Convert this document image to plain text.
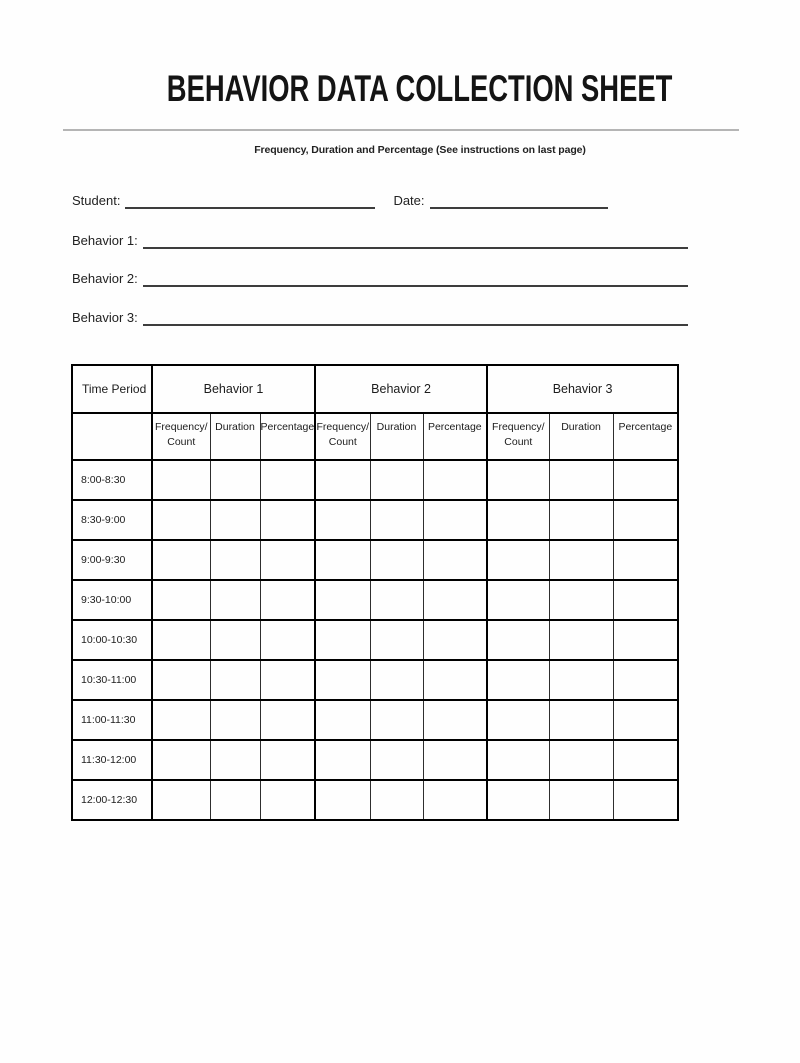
BEHAVIOR DATA COLLECTION SHEET
Frequency, Duration and Percentage (See instructions on last page)
Student:	Date:
Behavior 1:
Behavior 2:
Behavior 3:
Time Period	Behavior 1			Behavior 2			Behavior 3		
	Frequency/ Count	Duration	Percentage	Frequency/ Count	Duration	Percentage	Frequency/ Count	Duration	Percentage
8:00-8:30									
8:30-9:00									
9:00-9:30									
9:30-10:00									
10:00-10:30									
10:30-11:00									
11:00-11:30									
11:30-12:00									
12:00-12:30									
